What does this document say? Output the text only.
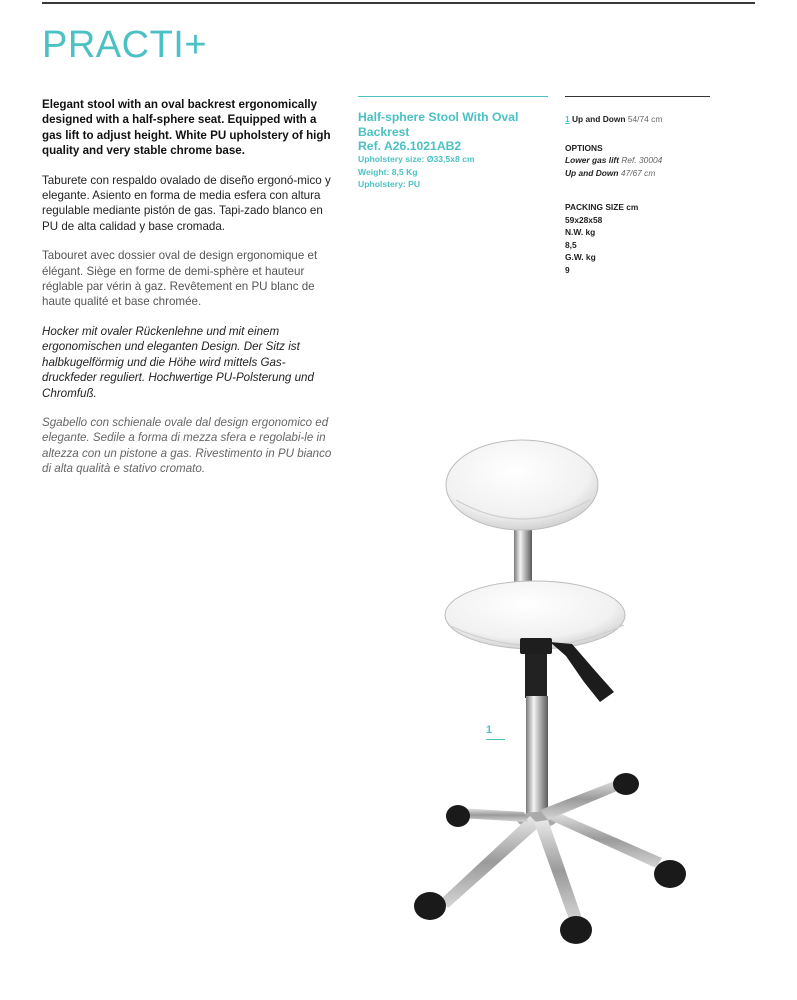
PRACTI+

Elegant stool with an oval backrest ergonomically designed with a half-sphere seat. Equipped with a gas lift to adjust height. White PU upholstery of high quality and very stable chrome base.

Taburete con respaldo ovalado de diseño ergonó-mico y elegante. Asiento en forma de media esfera con altura regulable mediante pistón de gas. Tapi-zado blanco en PU de alta calidad y base cromada.

Tabouret avec dossier oval de design ergonomique et élégant. Siège en forme de demi-sphère et hauteur réglable par vérin à gaz. Revêtement en PU blanc de haute qualité et base chromée.

Hocker mit ovaler Rückenlehne und mit einem ergonomischen und eleganten Design. Der Sitz ist halbkugelförmig und die Höhe wird mittels Gas-druckfeder reguliert. Hochwertige PU-Polsterung und Chromfuß.

Sgabello con schienale ovale dal design ergonomico ed elegante. Sedile a forma di mezza sfera e regolabi-le in altezza con un pistone a gas. Rivestimento in PU bianco di alta qualità e stativo cromato.

Half-sphere Stool With Oval Backrest
Ref. A26.1021AB2
Upholstery size: Ø33,5x8 cm
Weight: 8,5 Kg
Upholstery: PU
1 Up and Down 54/74 cm
OPTIONS
Lower gas lift Ref. 30004
Up and Down 47/67 cm
PACKING SIZE cm
59x28x58
N.W. kg
8,5
G.W. kg
9
1
